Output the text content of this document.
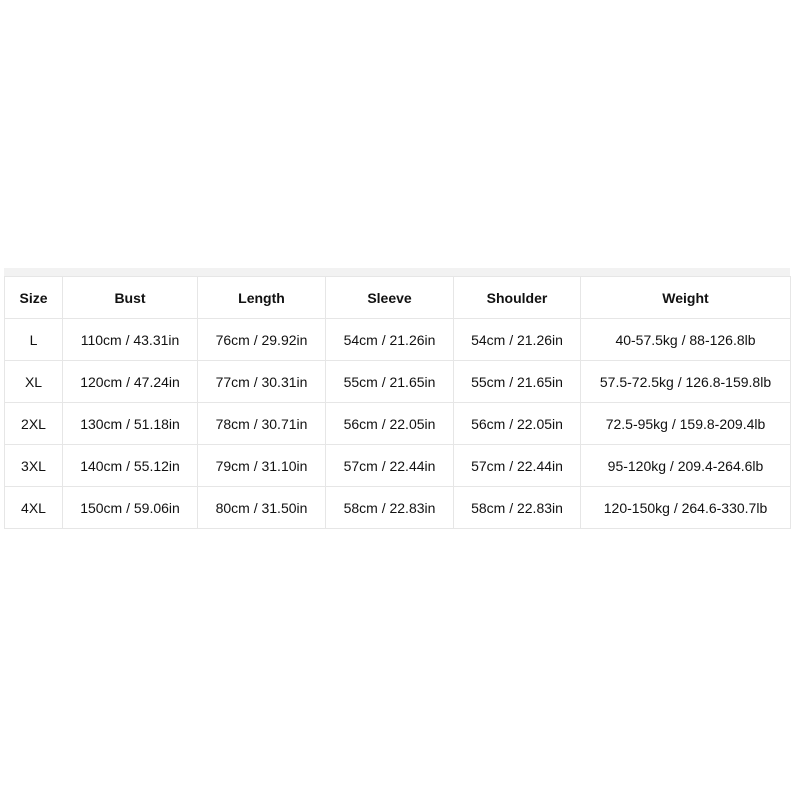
Size	Bust	Length	Sleeve	Shoulder	Weight
L	110cm / 43.31in	76cm / 29.92in	54cm / 21.26in	54cm / 21.26in	40-57.5kg / 88-126.8lb
XL	120cm / 47.24in	77cm / 30.31in	55cm / 21.65in	55cm / 21.65in	57.5-72.5kg / 126.8-159.8lb
2XL	130cm / 51.18in	78cm / 30.71in	56cm / 22.05in	56cm / 22.05in	72.5-95kg / 159.8-209.4lb
3XL	140cm / 55.12in	79cm / 31.10in	57cm / 22.44in	57cm / 22.44in	95-120kg / 209.4-264.6lb
4XL	150cm / 59.06in	80cm / 31.50in	58cm / 22.83in	58cm / 22.83in	120-150kg / 264.6-330.7lb
